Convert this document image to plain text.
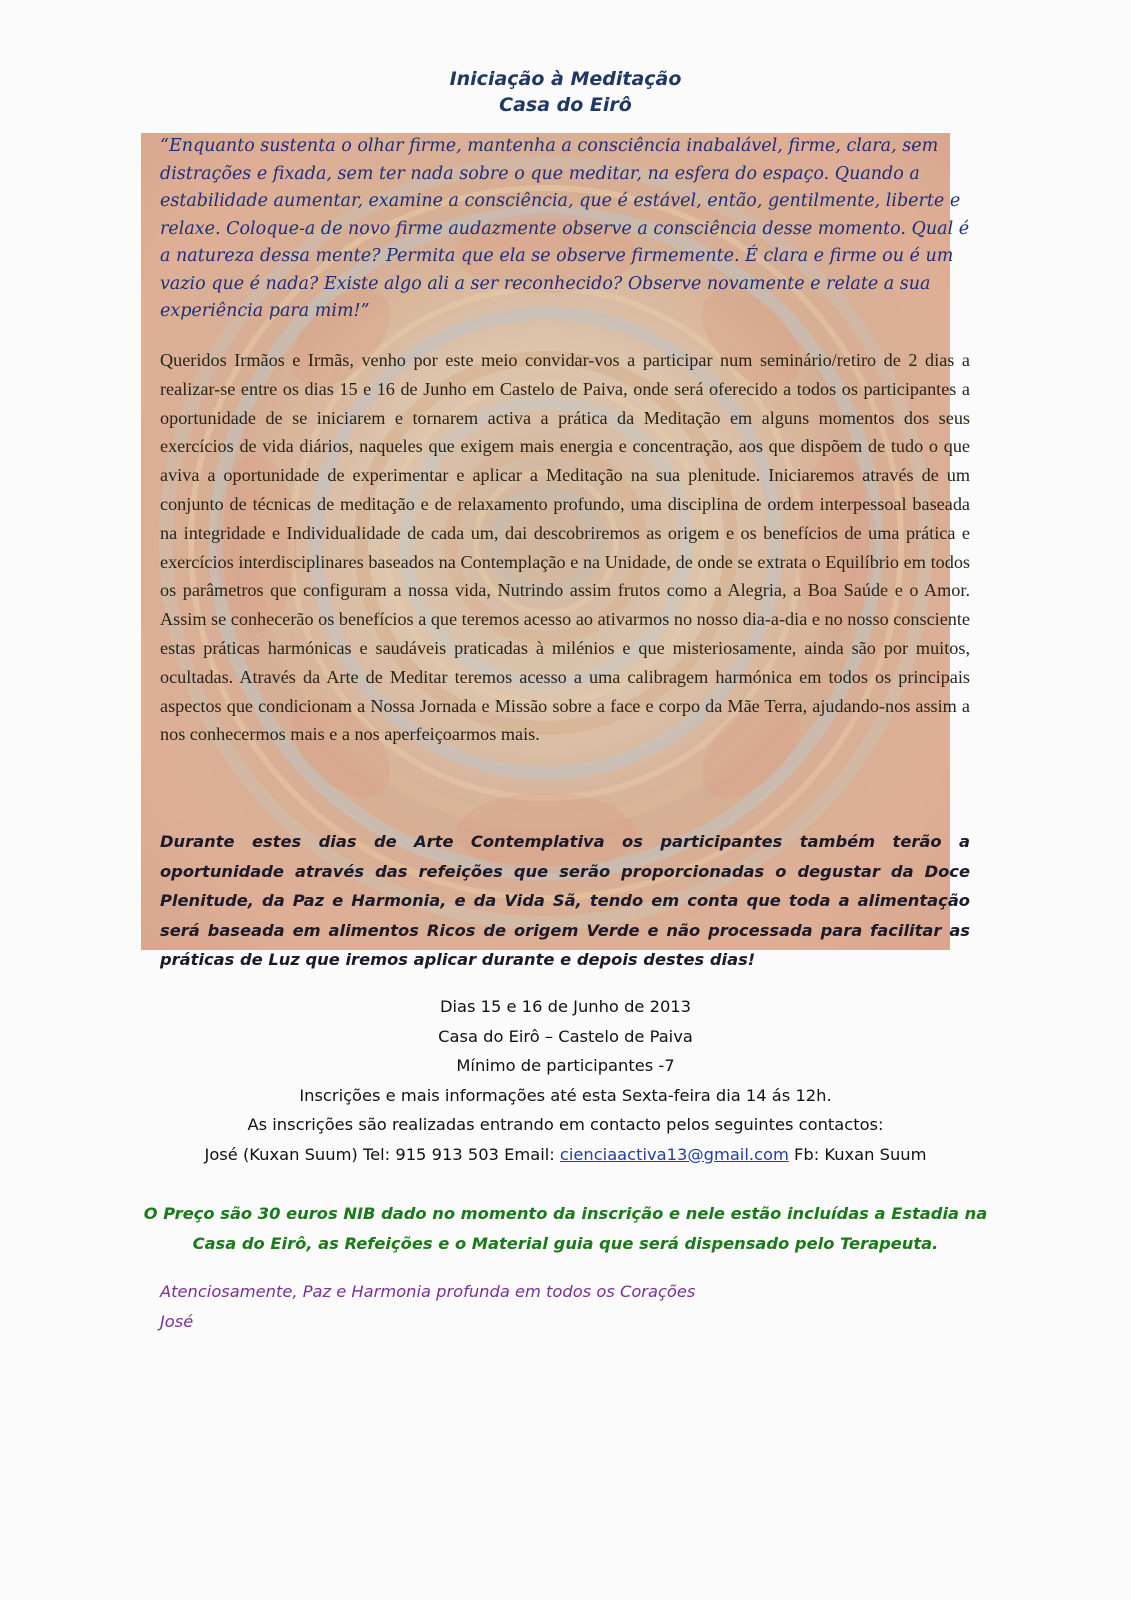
Iniciação à Meditação
Casa do Eirô
“Enquanto sustenta o olhar firme, mantenha a consciência inabalável, firme, clara, sem distrações e fixada, sem ter nada sobre o que meditar, na esfera do espaço. Quando a estabilidade aumentar, examine a consciência, que é estável, então, gentilmente, liberte e relaxe. Coloque-a de novo firme audazmente observe a consciência desse momento. Qual é a natureza dessa mente? Permita que ela se observe firmemente. É clara e firme ou é um vazio que é nada? Existe algo ali a ser reconhecido? Observe novamente e relate a sua experiência para mim!”
Queridos Irmãos e Irmãs, venho por este meio convidar-vos a participar num seminário/retiro de 2 dias a realizar-se entre os dias 15 e 16 de Junho em Castelo de Paiva, onde será oferecido a todos os participantes a oportunidade de se iniciarem e tornarem activa a prática da Meditação em alguns momentos dos seus exercícios de vida diários, naqueles que exigem mais energia e concentração, aos que dispõem de tudo o que aviva a oportunidade de experimentar e aplicar a Meditação na sua plenitude. Iniciaremos através de um conjunto de técnicas de meditação e de relaxamento profundo, uma disciplina de ordem interpessoal baseada na integridade e Individualidade de cada um, dai descobriremos as origem e os benefícios de uma prática e exercícios interdisciplinares baseados na Contemplação e na Unidade, de onde se extrata o Equilíbrio em todos os parâmetros que configuram a nossa vida, Nutrindo assim frutos como a Alegria, a Boa Saúde e o Amor. Assim se conhecerão os benefícios a que teremos acesso ao ativarmos no nosso dia-a-dia e no nosso consciente estas práticas harmónicas e saudáveis praticadas à milénios e que misteriosamente, ainda são por muitos, ocultadas. Através da Arte de Meditar teremos acesso a uma calibragem harmónica em todos os principais aspectos que condicionam a Nossa Jornada e Missão sobre a face e corpo da Mãe Terra, ajudando-nos assim a nos conhecermos mais e a nos aperfeiçoarmos mais.
Durante estes dias de Arte Contemplativa os participantes também terão a oportunidade através das refeições que serão proporcionadas o degustar da Doce Plenitude, da Paz e Harmonia, e da Vida Sã, tendo em conta que toda a alimentação será baseada em alimentos Ricos de origem Verde e não processada para facilitar as práticas de Luz que iremos aplicar durante e depois destes dias!
Dias 15 e 16 de Junho de 2013
Casa do Eirô – Castelo de Paiva
Mínimo de participantes -7
Inscrições e mais informações até esta Sexta-feira dia 14 ás 12h.
As inscrições são realizadas entrando em contacto pelos seguintes contactos:
José (Kuxan Suum) Tel: 915 913 503 Email: cienciaactiva13@gmail.com Fb: Kuxan Suum
O Preço são 30 euros NIB dado no momento da inscrição e nele estão incluídas a Estadia na
Casa do Eirô, as Refeições e o Material guia que será dispensado pelo Terapeuta.
Atenciosamente, Paz e Harmonia profunda em todos os Corações
José
